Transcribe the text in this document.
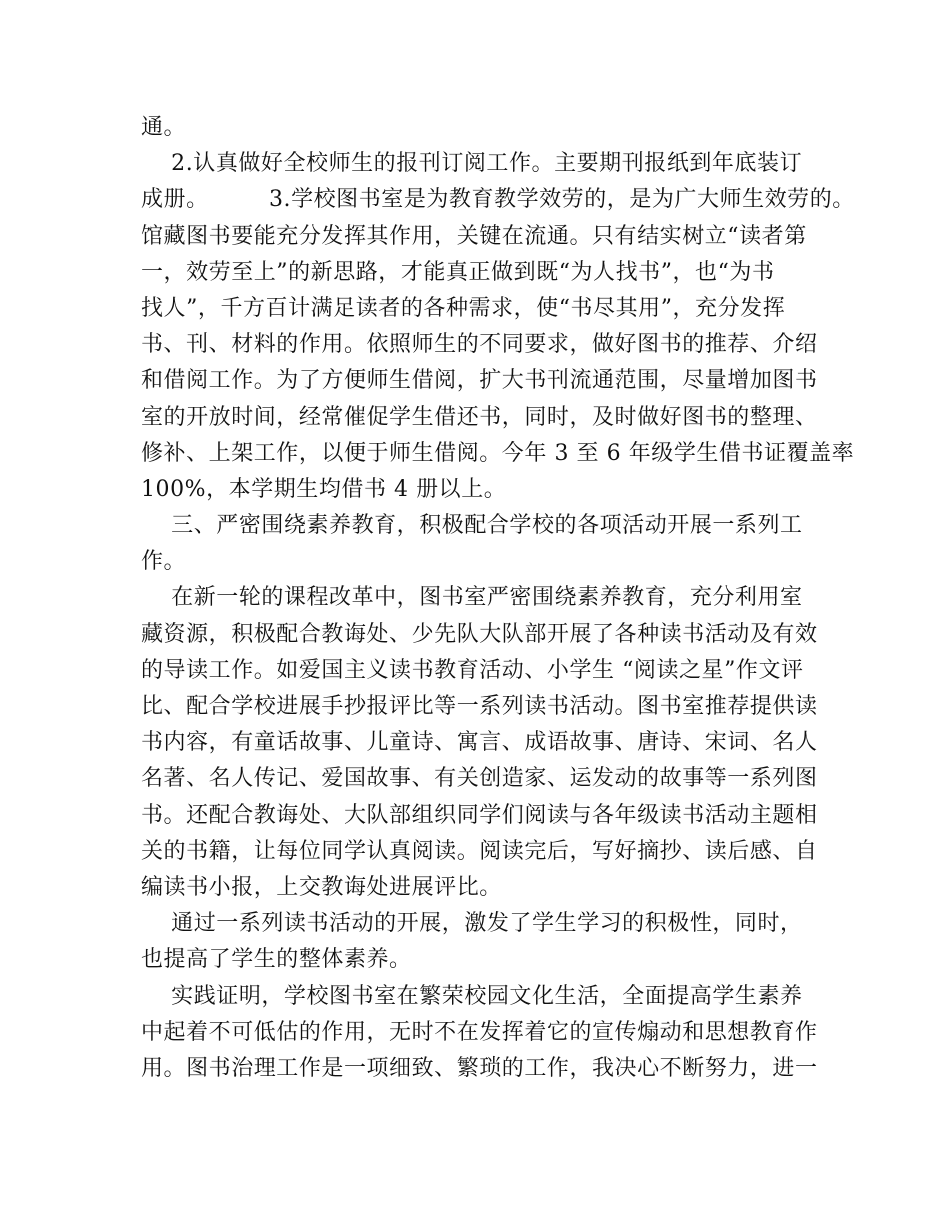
通。
2.认真做好全校师生的报刊订阅工作。主要期刊报纸到年底装订
成册。        3.学校图书室是为教育教学效劳的，是为广大师生效劳的。
馆藏图书要能充分发挥其作用，关键在流通。只有结实树立“读者第
一，效劳至上”的新思路，才能真正做到既“为人找书”，也“为书
找人”，千方百计满足读者的各种需求，使“书尽其用”，充分发挥
书、刊、材料的作用。依照师生的不同要求，做好图书的推荐、介绍
和借阅工作。为了方便师生借阅，扩大书刊流通范围，尽量增加图书
室的开放时间，经常催促学生借还书，同时，及时做好图书的整理、
修补、上架工作，以便于师生借阅。今年 3 至 6 年级学生借书证覆盖率
100%，本学期生均借书 4 册以上。
三、严密围绕素养教育，积极配合学校的各项活动开展一系列工
作。
在新一轮的课程改革中，图书室严密围绕素养教育，充分利用室
藏资源，积极配合教诲处、少先队大队部开展了各种读书活动及有效
的导读工作。如爱国主义读书教育活动、小学生 “阅读之星”作文评
比、配合学校进展手抄报评比等一系列读书活动。图书室推荐提供读
书内容，有童话故事、儿童诗、寓言、成语故事、唐诗、宋词、名人
名著、名人传记、爱国故事、有关创造家、运发动的故事等一系列图
书。还配合教诲处、大队部组织同学们阅读与各年级读书活动主题相
关的书籍，让每位同学认真阅读。阅读完后，写好摘抄、读后感、自
编读书小报，上交教诲处进展评比。
通过一系列读书活动的开展，激发了学生学习的积极性，同时，
也提高了学生的整体素养。
实践证明，学校图书室在繁荣校园文化生活，全面提高学生素养
中起着不可低估的作用，无时不在发挥着它的宣传煽动和思想教育作
用。图书治理工作是一项细致、繁琐的工作，我决心不断努力，进一
